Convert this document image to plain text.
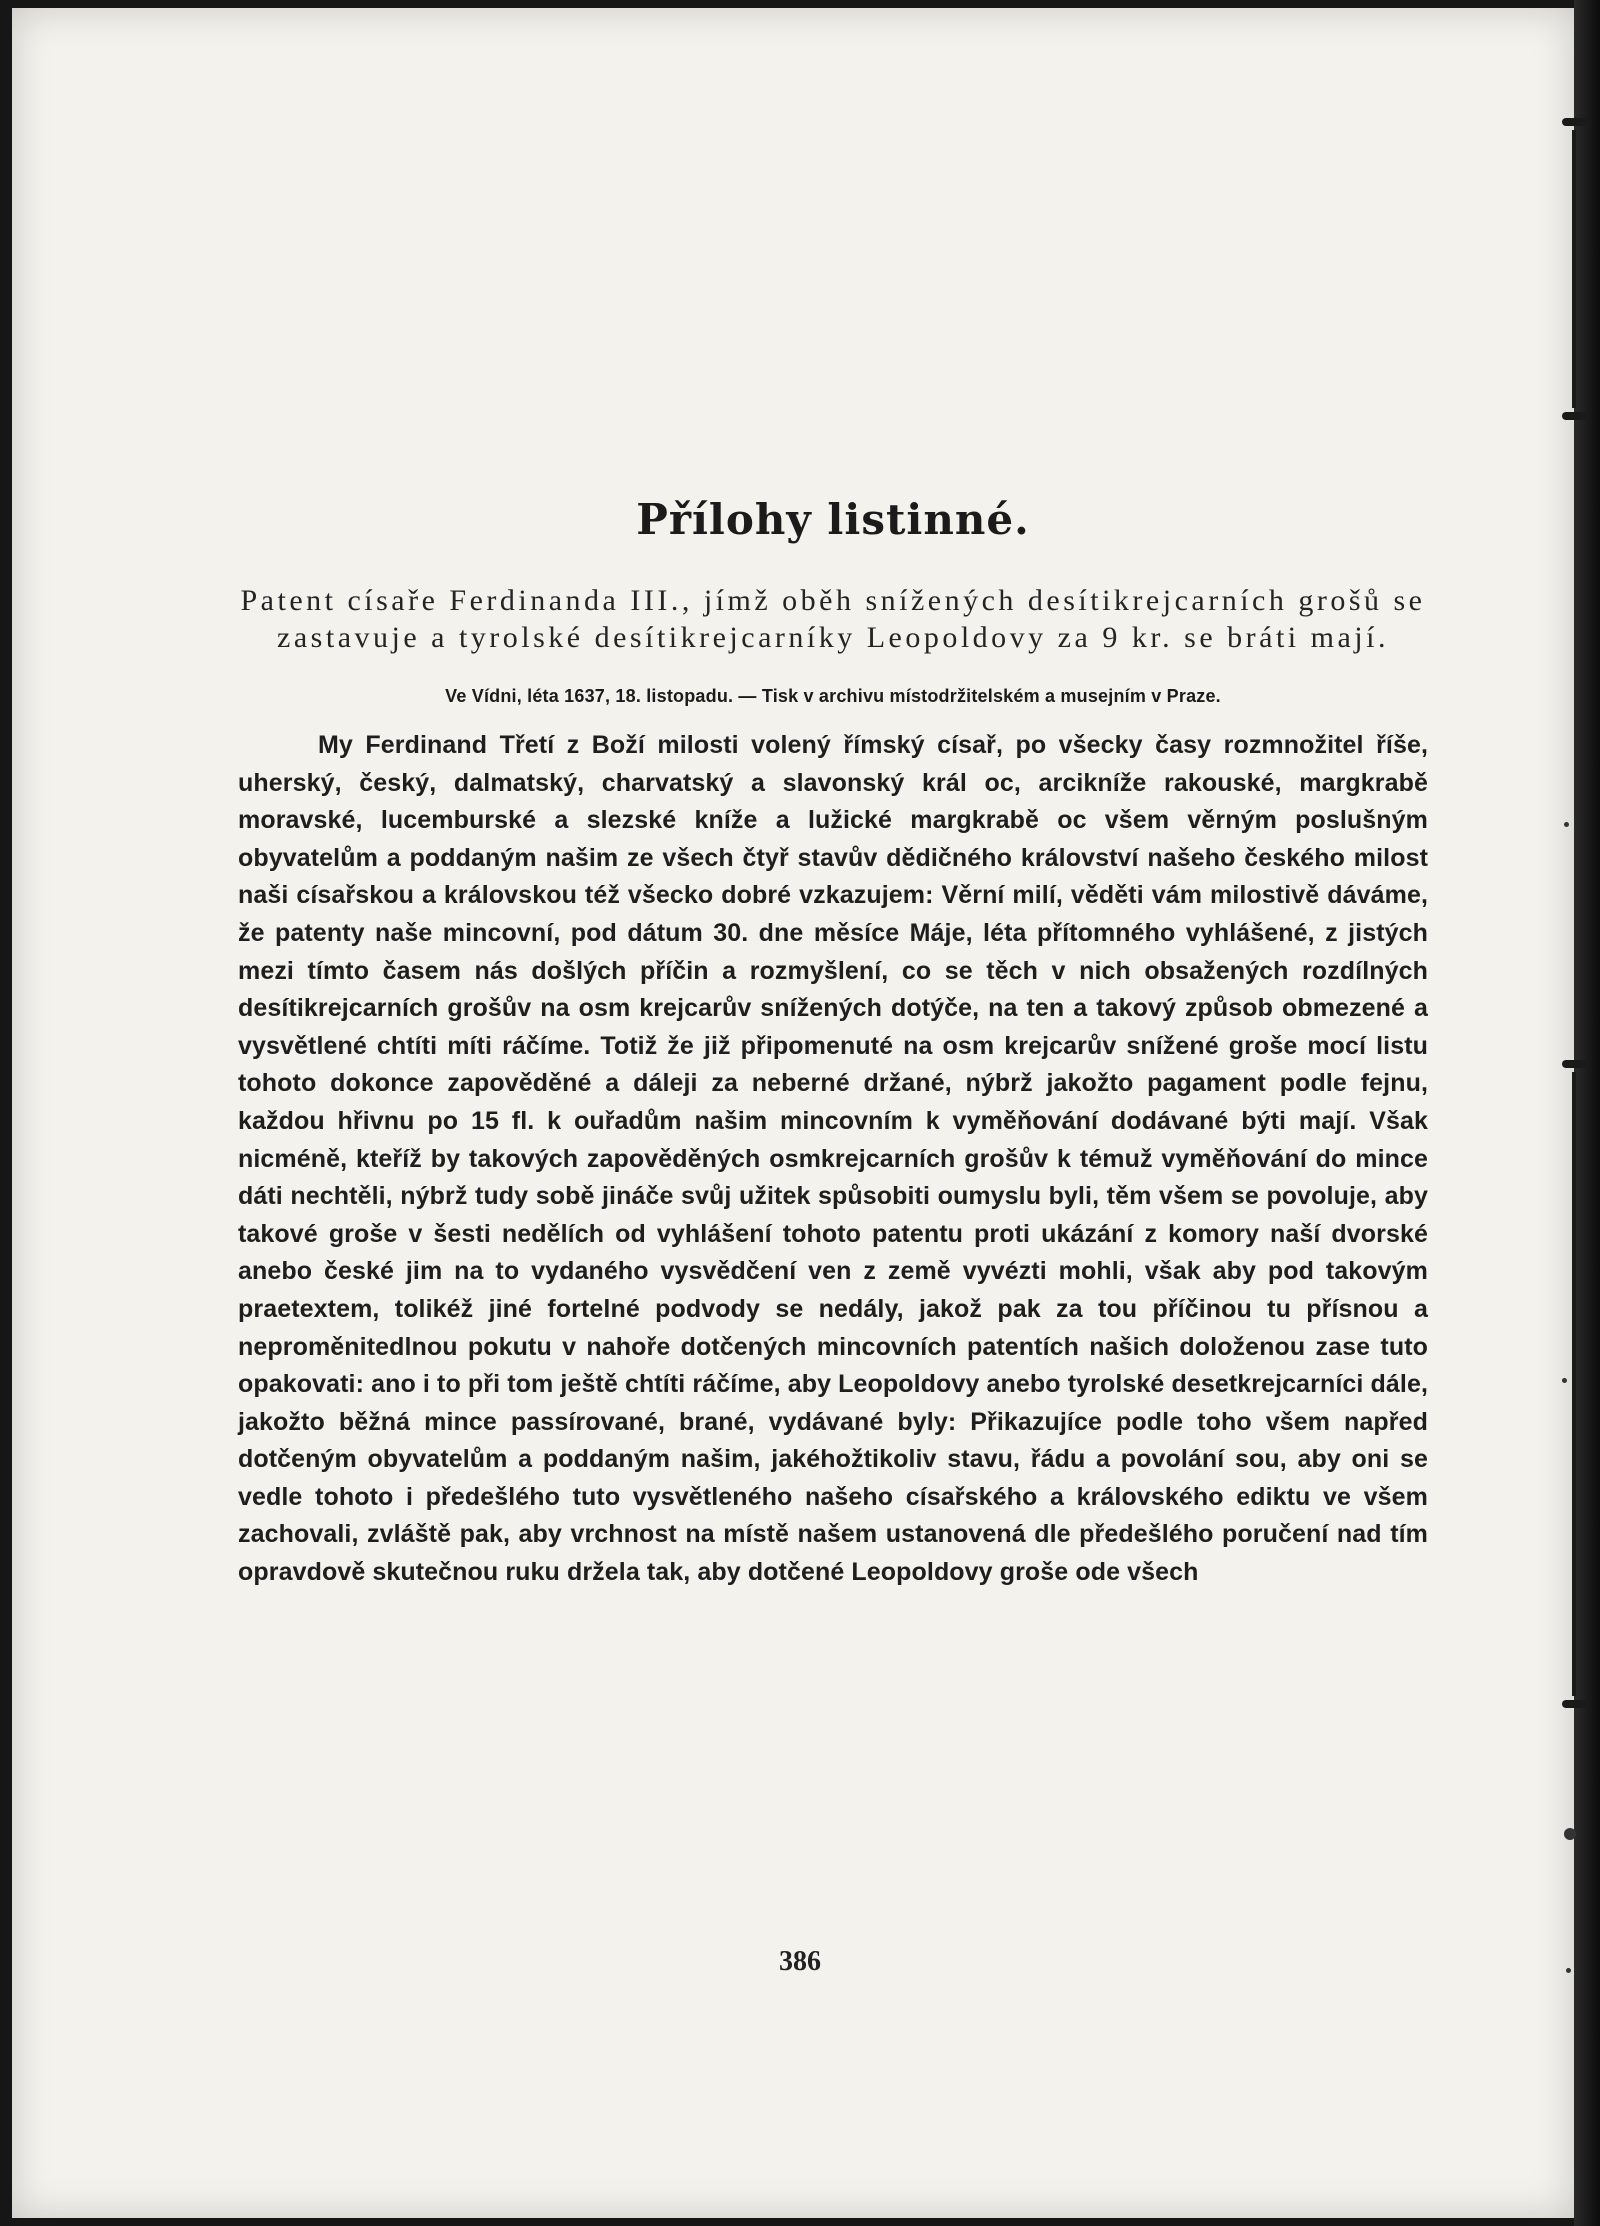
Přílohy listinné.

Patent císaře Ferdinanda III., jímž oběh snížených desítikrejcarních grošů se zastavuje a tyrolské desítikrejcarníky Leopoldovy za 9 kr. se bráti mají.

Ve Vídni, léta 1637, 18. listopadu. — Tisk v archivu místodržitelském a musejním v Praze.

My Ferdinand Třetí z Boží milosti volený římský císař, po všecky časy rozmnožitel říše, uherský, český, dalmatský, charvatský a slavonský král oc, arcikníže rakouské, margkrabě moravské, lucemburské a slezské kníže a lužické margkrabě oc všem věrným poslušným obyvatelům a poddaným našim ze všech čtyř stavův dědičného království našeho českého milost naši císařskou a královskou též všecko dobré vzkazujem: Věrní milí, věděti vám milostivě dáváme, že patenty naše mincovní, pod dátum 30. dne měsíce Máje, léta přítomného vyhlášené, z jistých mezi tímto časem nás došlých příčin a rozmyšlení, co se těch v nich obsažených rozdílných desítikrejcarních grošův na osm krejcarův snížených dotýče, na ten a takový způsob obmezené a vysvětlené chtíti míti ráčíme. Totiž že již připomenuté na osm krejcarův snížené groše mocí listu tohoto dokonce zapověděné a dáleji za neberné držané, nýbrž jakožto pagament podle fejnu, každou hřivnu po 15 fl. k ouřadům našim mincovním k vyměňování dodávané býti mají. Však nicméně, kteříž by takových zapověděných osmkrejcarních grošův k témuž vyměňování do mince dáti nechtěli, nýbrž tudy sobě jináče svůj užitek spůsobiti oumyslu byli, těm všem se povoluje, aby takové groše v šesti nedělích od vyhlášení tohoto patentu proti ukázání z komory naší dvorské anebo české jim na to vydaného vysvědčení ven z země vyvézti mohli, však aby pod takovým praetextem, tolikéž jiné fortelné podvody se nedály, jakož pak za tou příčinou tu přísnou a neproměnitedlnou pokutu v nahoře dotčených mincovních patentích našich doloženou zase tuto opakovati: ano i to při tom ještě chtíti ráčíme, aby Leopoldovy anebo tyrolské desetkrejcarníci dále, jakožto běžná mince passírované, brané, vydávané byly: Přikazujíce podle toho všem napřed dotčeným obyvatelům a poddaným našim, jakéhožtikoliv stavu, řádu a povolání sou, aby oni se vedle tohoto i předešlého tuto vysvětleného našeho císařského a královského ediktu ve všem zachovali, zvláště pak, aby vrchnost na místě našem ustanovená dle předešlého poručení nad tím opravdově skutečnou ruku držela tak, aby dotčené Leopoldovy groše ode všech

386
